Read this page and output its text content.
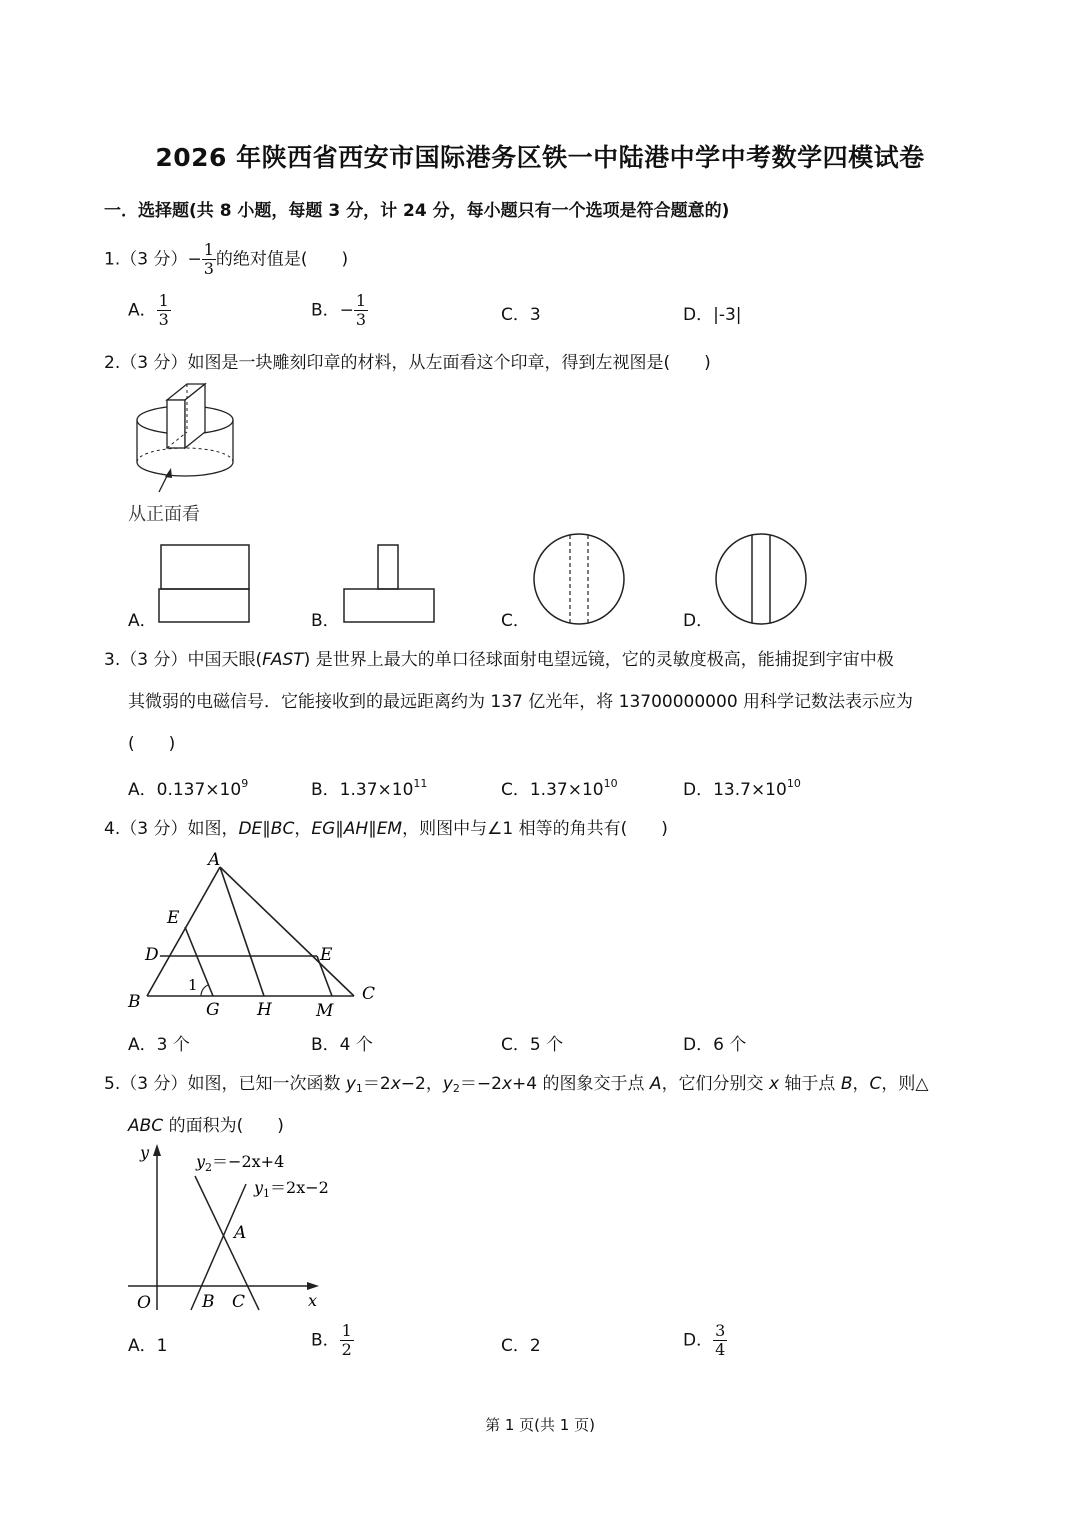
2026 年陕西省西安市国际港务区铁一中陆港中学中考数学四模试卷
一．选择题(共 8 小题，每题 3 分，计 24 分，每小题只有一个选项是符合题意的)
1.（3 分）− $\frac{1}{3}$ 的绝对值是(　　)
A． $\frac{1}{3}$	B．− $\frac{1}{3}$	C．3	D．|-3|
2.（3 分）如图是一块雕刻印章的材料，从左面看这个印章，得到左视图是(　　)
从正面看
A．	B．	C．	D．
3.（3 分）中国天眼(FAST) 是世界上最大的单口径球面射电望远镜，它的灵敏度极高，能捕捉到宇宙中极
其微弱的电磁信号．它能接收到的最远距离约为 137 亿光年，将 13700000000 用科学记数法表示应为
(　　)
A．$0.137\times 10^9$	B．$1.37\times 10^{11}$	C．$1.37\times 10^{10}$	D．$13.7\times 10^{10}$
4.（3 分）如图，DE∥BC，EG∥AH∥EM，则图中与∠1 相等的角共有(　　)
A
E
D	E
B
1
G H	M
C
A．3 个	B．4 个	C．5 个	D．6 个
5.（3 分）如图，已知一次函数 $y_1=2x-2$，$y_2=-2x+4$ 的图象交于点 A，它们分别交 x 轴于点 B，C，则△
ABC 的面积为(　　)
y
x
O
A
B C
$y_2=-2x+4$
$y_1=2x-2$
A．1	B． $\frac{1}{2}$	C．2	D． $\frac{3}{4}$
第 1 页(共 1 页)
